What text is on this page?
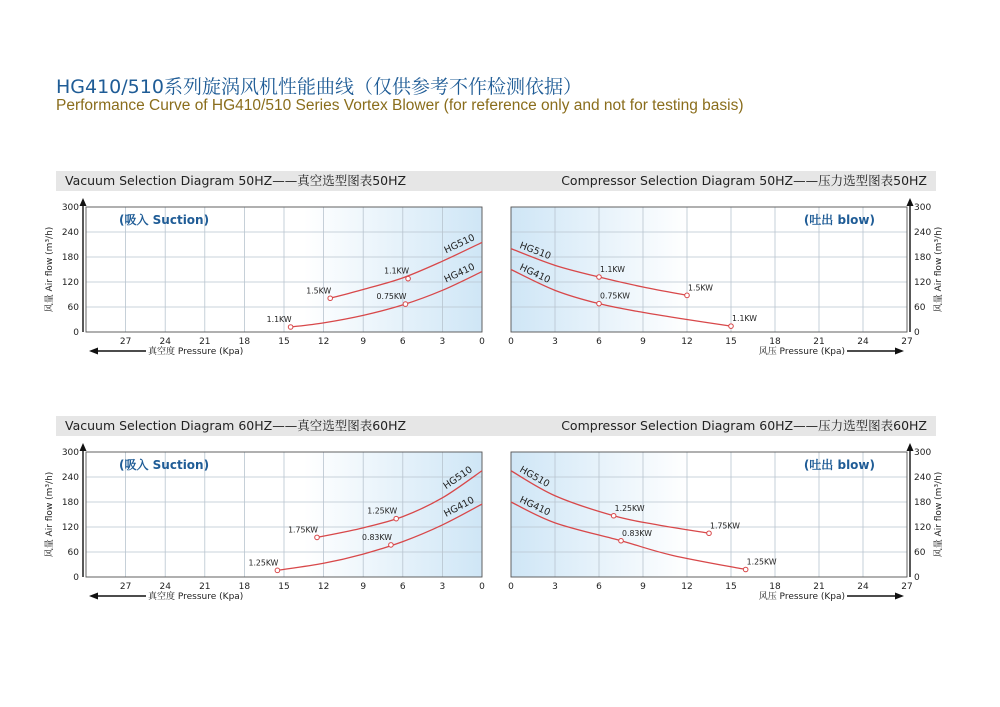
HG410/510系列旋涡风机性能曲线（仅供参考不作检测依据）
Performance Curve of HG410/510 Series Vortex Blower (for reference only and not for testing basis)
Vacuum Selection Diagram 50HZ——真空选型图表50HZ	Compressor Selection Diagram 50HZ——压力选型图表50HZ
Vacuum Selection Diagram 60HZ——真空选型图表60HZ	Compressor Selection Diagram 60HZ——压力选型图表60HZ
27	24	21	18	15	12	9	6	3	0
0
60
120
180
240
300
风量 Air flow (m³/h)
真空度 Pressure (Kpa)
(吸入 Suction)
HG510
HG410
1.1KW
1.5KW
0.75KW
1.1KW
0	3	6	9	12	15	18	21	24	27
0
60
120
180
240
300
风量 Air flow (m³/h)
风压 Pressure (Kpa)
(吐出 blow)
HG510
HG410	1.1KW
1.5KW
0.75KW
1.1KW
27	24	21	18	15	12	9	6	3	0
0
60
120
180
240
300
风量 Air flow (m³/h)
真空度 Pressure (Kpa)
(吸入 Suction)	HG510
HG410
1.25KW
1.75KW
1.25KW
0.83KW
0	3	6	9	12	15	18	21	24	27
0
60
120
180
240
300
风量 Air flow (m³/h)
风压 Pressure (Kpa)
(吐出 blow)
HG510
HG410	1.25KW
1.75KW
0.83KW
1.25KW
